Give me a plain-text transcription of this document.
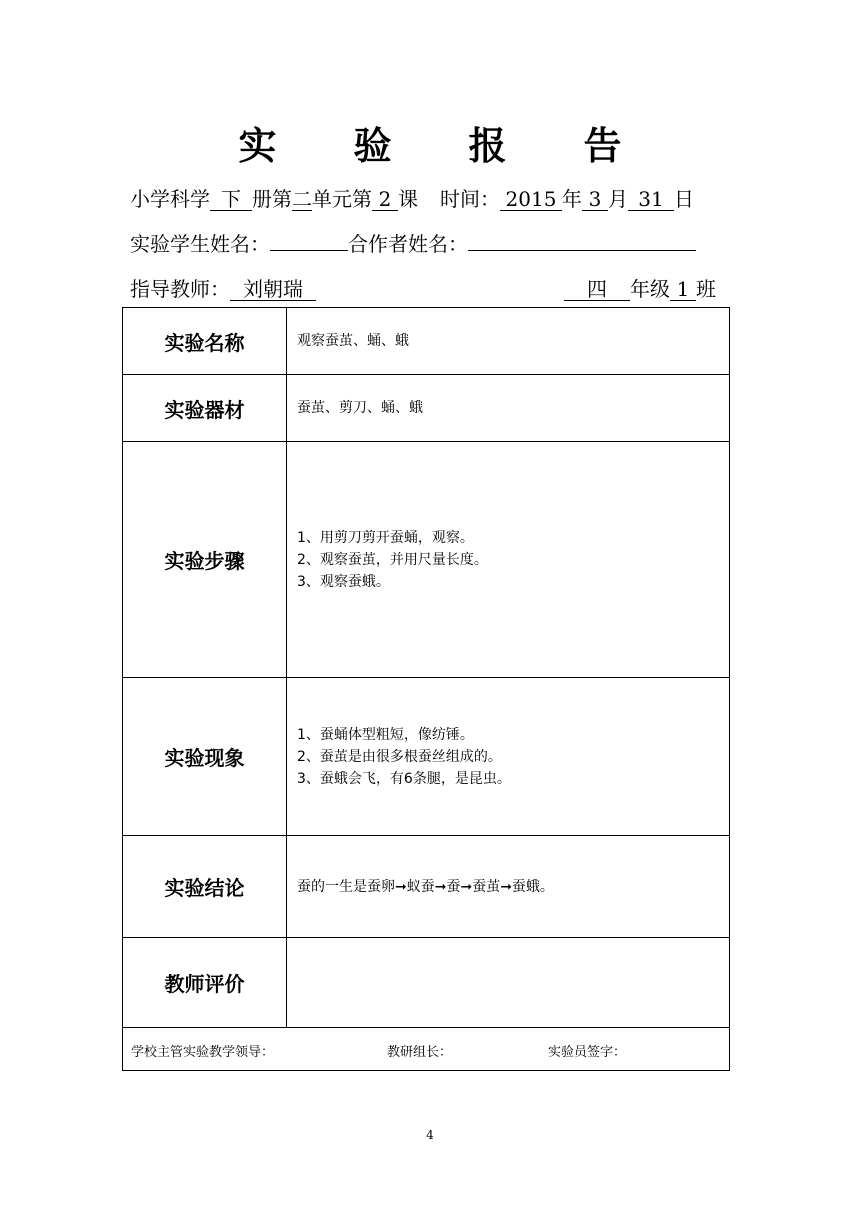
实	验	报	告
小学科学 下 册第二单元第 2 课 时间： 2015 年 3 月 31 日
实验学生姓名：	合作者姓名：
指导教师： 刘朝瑞	四 年级 1 班
实验名称	观察蚕茧、蛹、蛾
实验器材	蚕茧、剪刀、蛹、蛾
实验步骤	1、用剪刀剪开蚕蛹，观察。
2、观察蚕茧，并用尺量长度。
3、观察蚕蛾。

实验现象	1、蚕蛹体型粗短，像纺锤。
2、蚕茧是由很多根蚕丝组成的。
3、蚕蛾会飞，有6条腿，是昆虫。

实验结论	蚕的一生是蚕卵➞蚁蚕➞蚕➞蚕茧➞蚕蛾。
教师评价	

学校主管实验教学领导： 教研组长： 实验员签字：	
4
